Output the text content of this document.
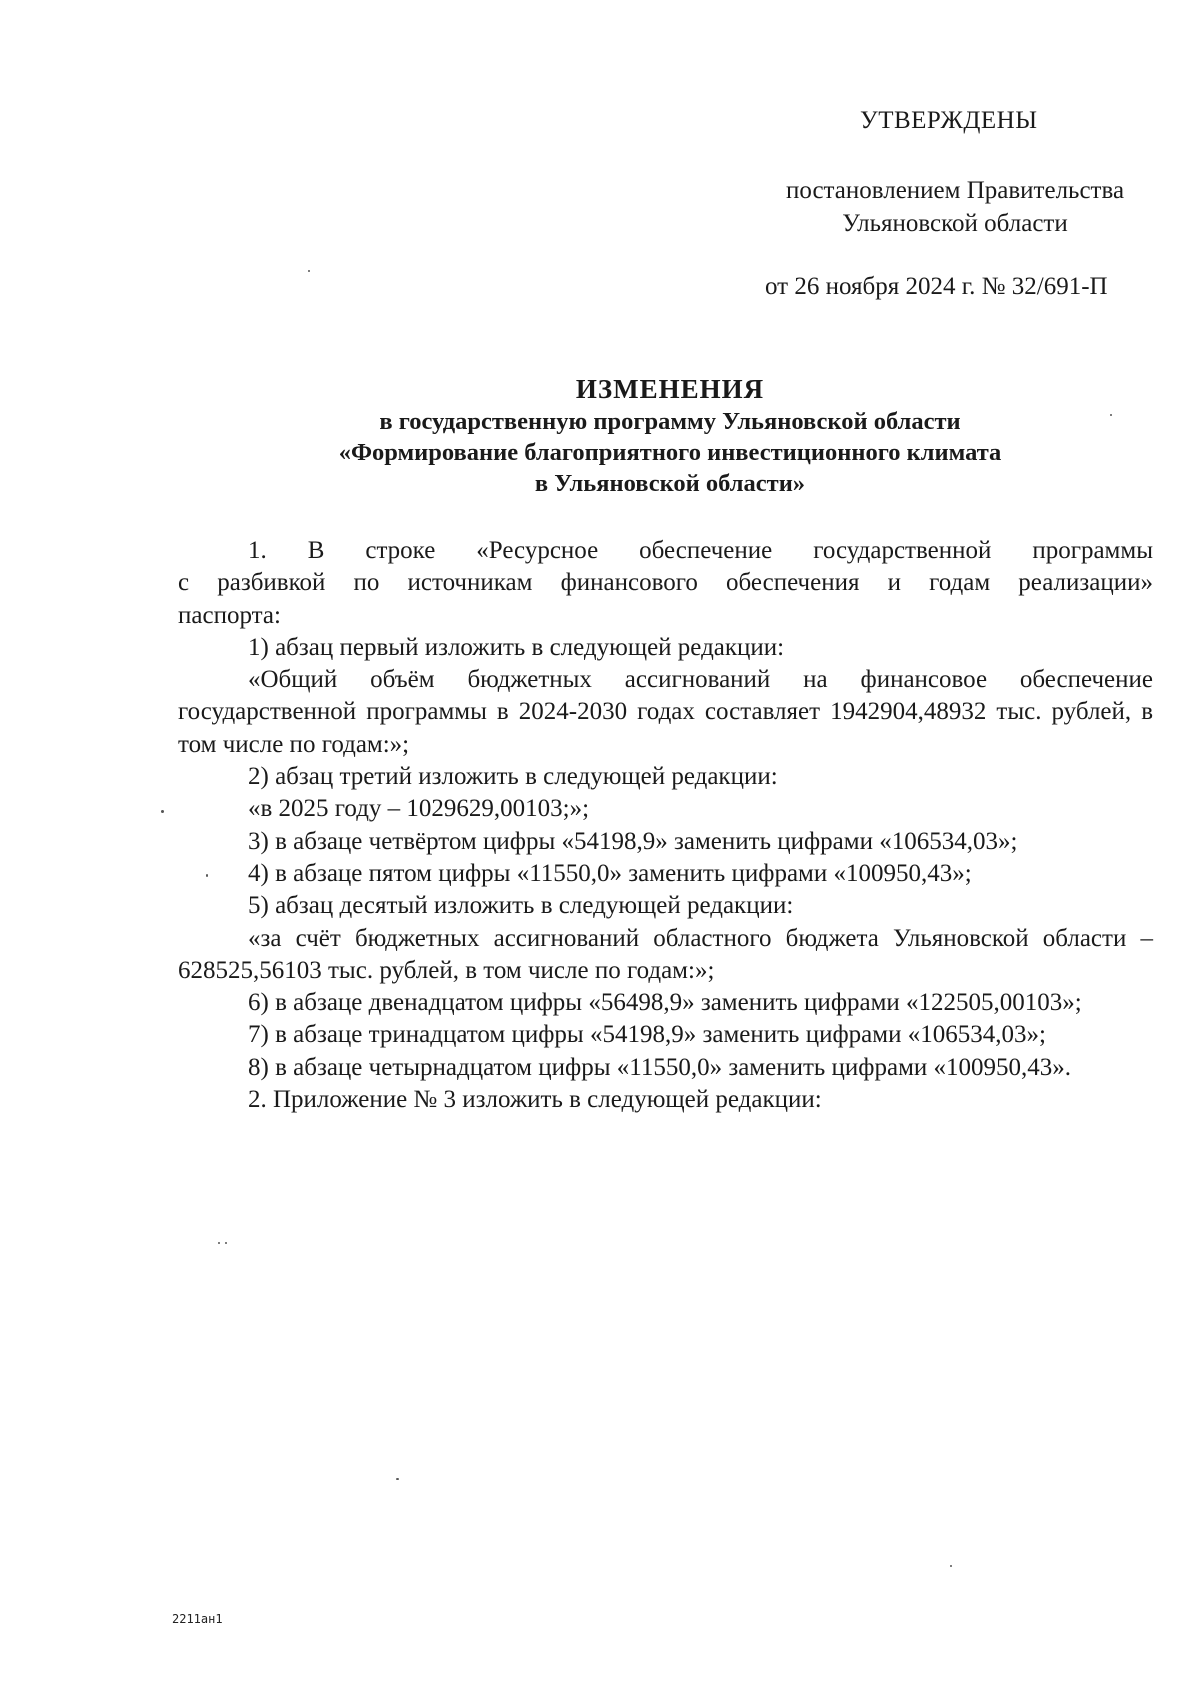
УТВЕРЖДЕНЫ
постановлением Правительства
Ульяновской области
от 26 ноября 2024 г. № 32/691-П
ИЗМЕНЕНИЯ
в государственную программу Ульяновской области
«Формирование благоприятного инвестиционного климата
в Ульяновской области»

1. В строке «Ресурсное обеспечение государственной программы

с разбивкой по источникам финансового обеспечения и годам реализации»

паспорта:

1) абзац первый изложить в следующей редакции:

«Общий объём бюджетных ассигнований на финансовое обеспечение государственной программы в 2024-2030 годах составляет 1942904,48932 тыс. рублей, в том числе по годам:»;

2) абзац третий изложить в следующей редакции:

«в 2025 году – 1029629,00103;»;

3) в абзаце четвёртом цифры «54198,9» заменить цифрами «106534,03»;

4) в абзаце пятом цифры «11550,0» заменить цифрами «100950,43»;

5) абзац десятый изложить в следующей редакции:

«за счёт бюджетных ассигнований областного бюджета Ульяновской области – 628525,56103 тыс. рублей, в том числе по годам:»;

6) в абзаце двенадцатом цифры «56498,9» заменить цифрами «122505,00103»;

7) в абзаце тринадцатом цифры «54198,9» заменить цифрами «106534,03»;

8) в абзаце четырнадцатом цифры «11550,0» заменить цифрами «100950,43».

2. Приложение № 3 изложить в следующей редакции:

2211ан1
